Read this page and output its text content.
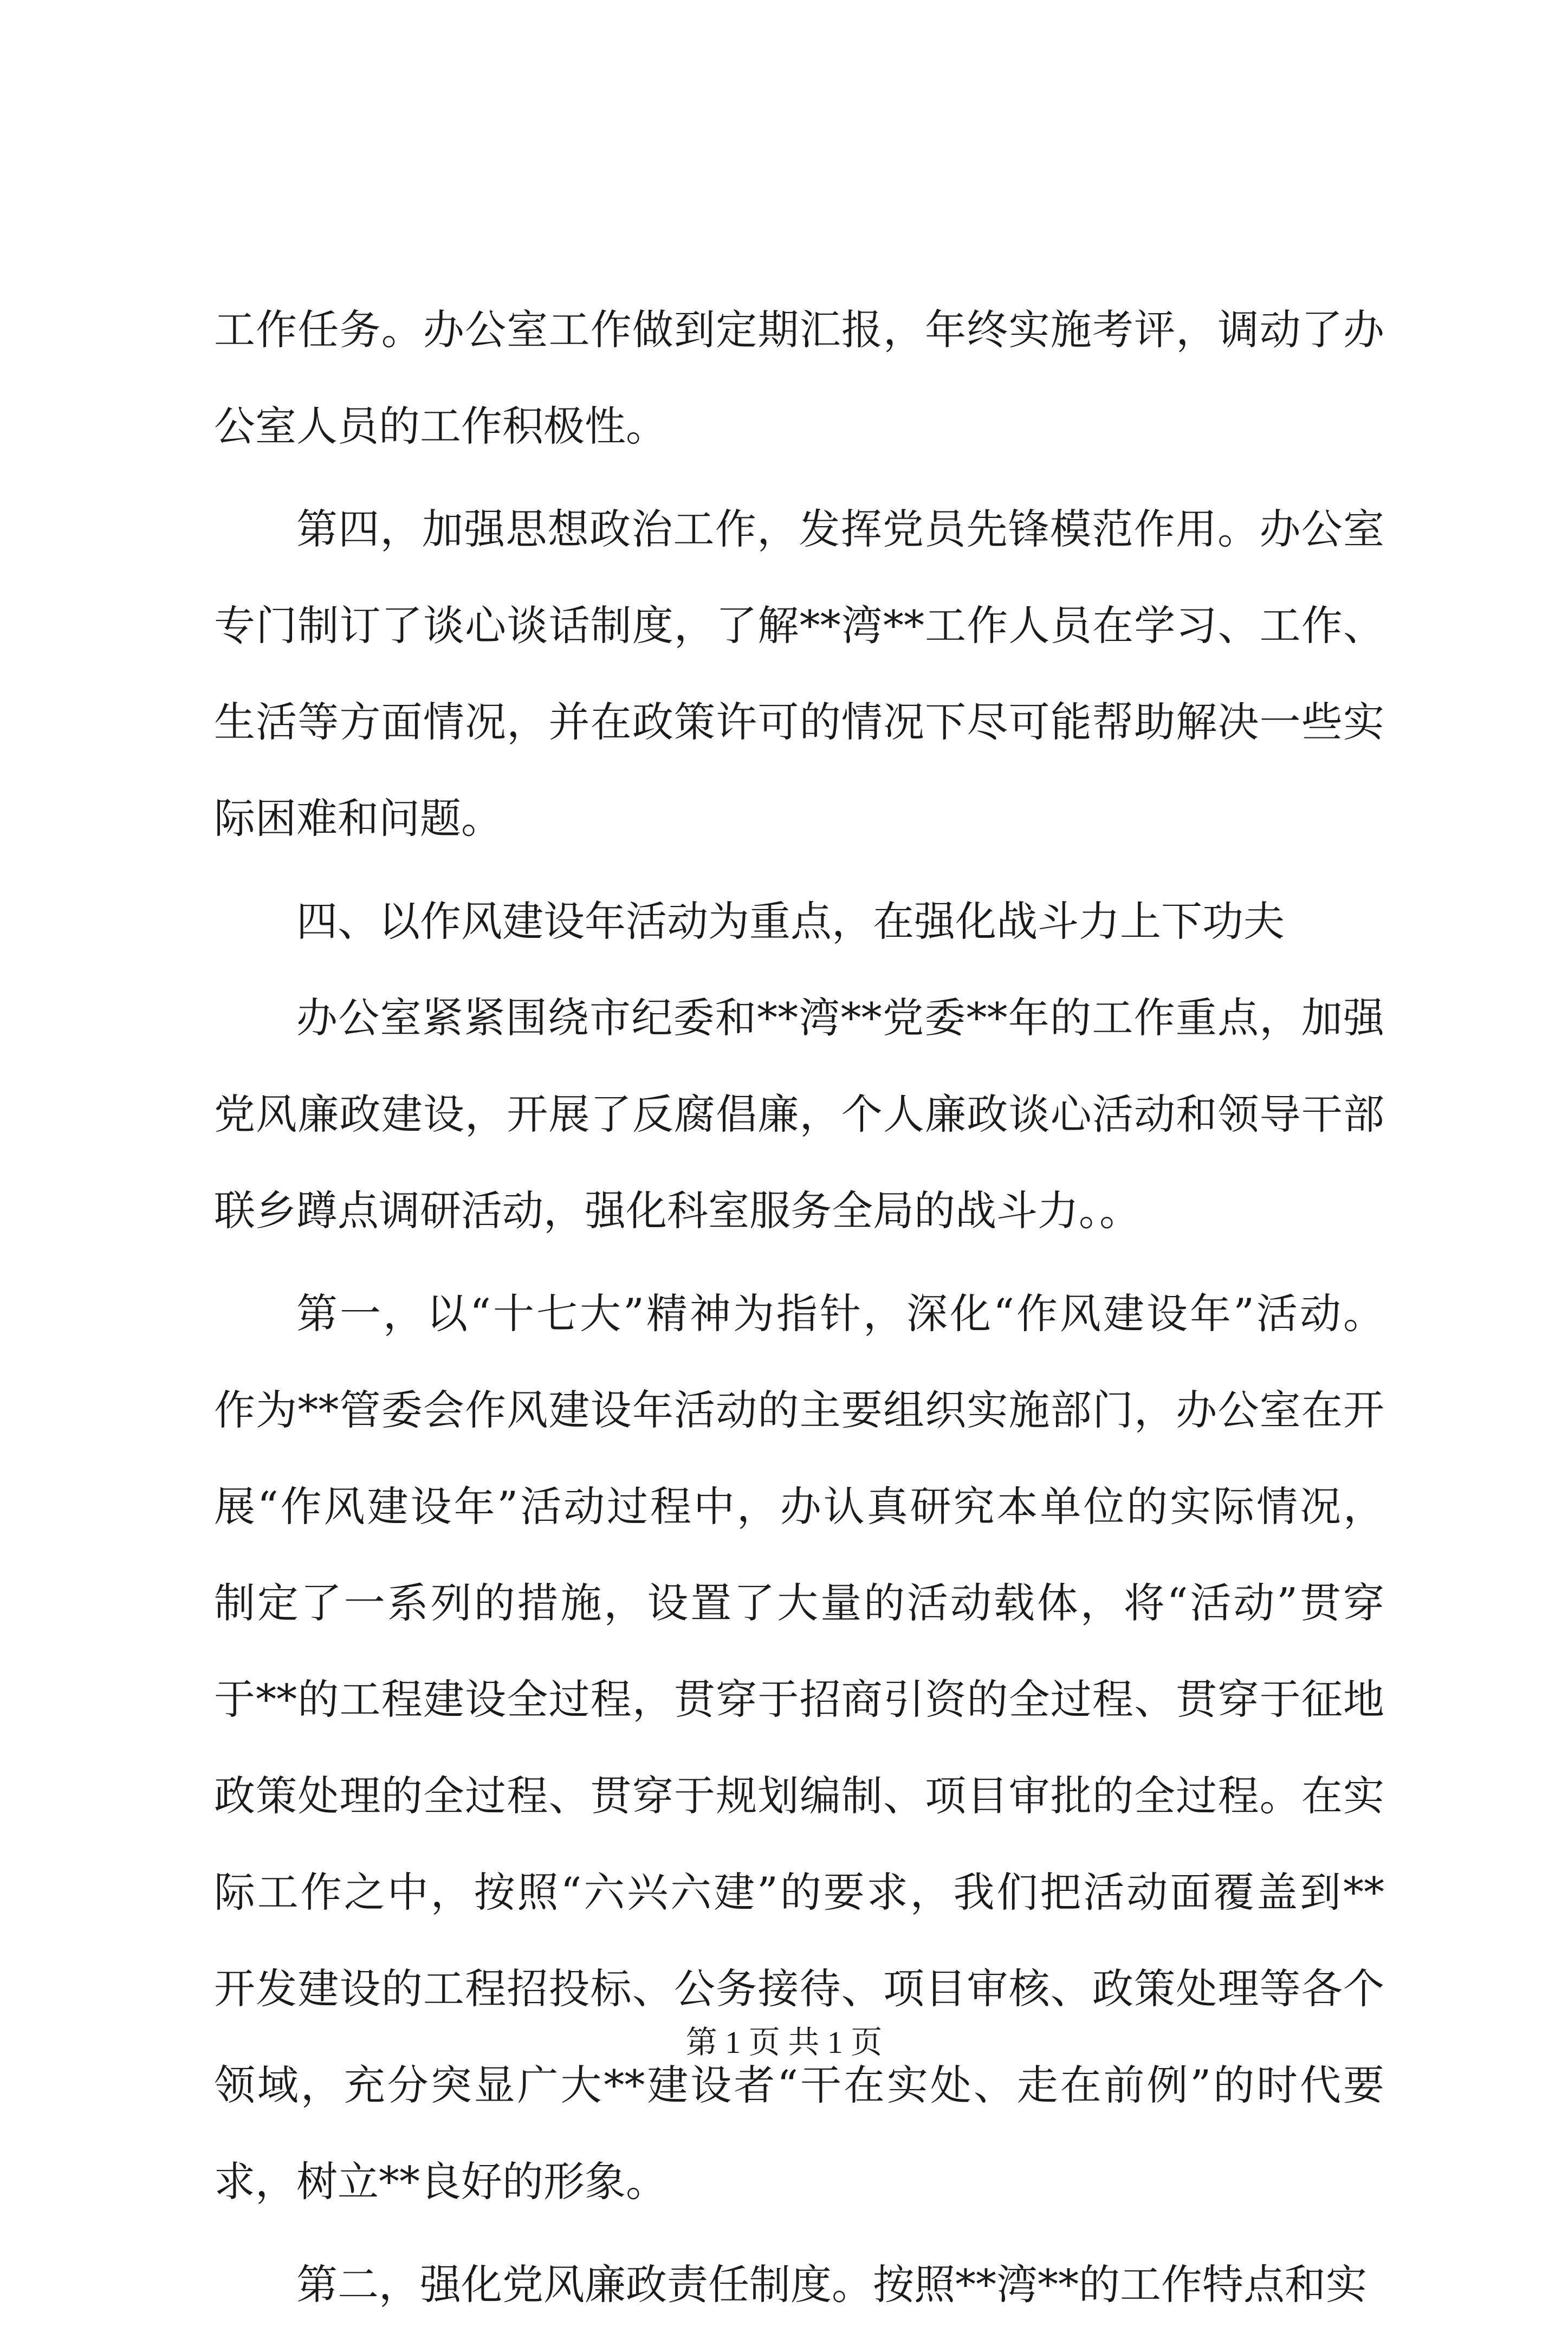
工作任务。办公室工作做到定期汇报，年终实施考评，调动了办
公室人员的工作积极性。
第四，加强思想政治工作，发挥党员先锋模范作用。办公室
专门制订了谈心谈话制度，了解**湾**工作人员在学习、工作、
生活等方面情况，并在政策许可的情况下尽可能帮助解决一些实
际困难和问题。
四、以作风建设年活动为重点，在强化战斗力上下功夫
办公室紧紧围绕市纪委和**湾**党委**年的工作重点，加强
党风廉政建设，开展了反腐倡廉，个人廉政谈心活动和领导干部
联乡蹲点调研活动，强化科室服务全局的战斗力。。
第一，以“十七大”精神为指针，深化“作风建设年”活动。
作为**管委会作风建设年活动的主要组织实施部门，办公室在开
展“作风建设年”活动过程中，办认真研究本单位的实际情况，
制定了一系列的措施，设置了大量的活动载体，将“活动”贯穿
于**的工程建设全过程，贯穿于招商引资的全过程、贯穿于征地
政策处理的全过程、贯穿于规划编制、项目审批的全过程。在实
际工作之中，按照“六兴六建”的要求，我们把活动面覆盖到**
开发建设的工程招投标、公务接待、项目审核、政策处理等各个
领域，充分突显广大**建设者“干在实处、走在前例”的时代要
求，树立**良好的形象。
第二，强化党风廉政责任制度。按照**湾**的工作特点和实
第 1 页 共 1 页
